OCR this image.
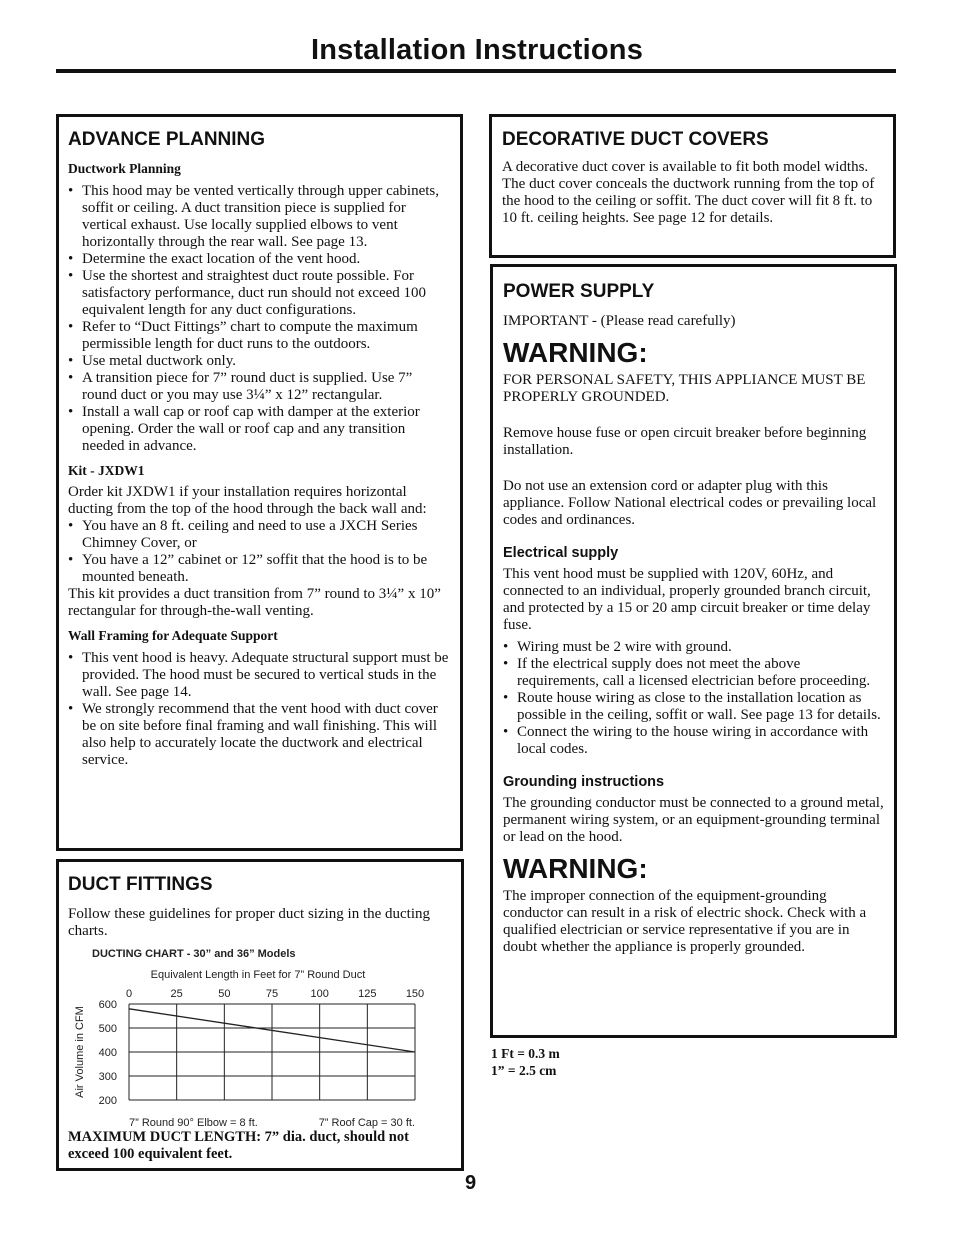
Installation Instructions
ADVANCE PLANNING
Ductwork Planning
• This hood may be vented vertically through upper cabinets, soffit or ceiling. A duct transition piece is supplied for vertical exhaust. Use locally supplied elbows to vent horizontally through the rear wall. See page 13.
• Determine the exact location of the vent hood.
• Use the shortest and straightest duct route possible. For satisfactory performance, duct run should not exceed 100 equivalent length for any duct configurations.
• Refer to “Duct Fittings” chart to compute the maximum permissible length for duct runs to the outdoors.
• Use metal ductwork only.
• A transition piece for 7” round duct is supplied. Use 7” round duct or you may use 3¼” x 12” rectangular.
• Install a wall cap or roof cap with damper at the exterior opening. Order the wall or roof cap and any transition needed in advance.
Kit - JXDW1

Order kit JXDW1 if your installation requires horizontal ducting from the top of the hood through the back wall and:

• You have an 8 ft. ceiling and need to use a JXCH Series Chimney Cover, or
• You have a 12” cabinet or 12” soffit that the hood is to be mounted beneath.

This kit provides a duct transition from 7” round to 3¼” x 10” rectangular for through-the-wall venting.

Wall Framing for Adequate Support
• This vent hood is heavy. Adequate structural support must be provided. The hood must be secured to vertical studs in the wall. See page 14.
• We strongly recommend that the vent hood with duct cover be on site before final framing and wall finishing. This will also help to accurately locate the ductwork and electrical service.
DUCT FITTINGS

Follow these guidelines for proper duct sizing in the ducting charts.

DUCTING CHART - 30” and 36” Models
Equivalent Length in Feet for 7” Round Duct
0	25	50	75	100	125	150
600
500
400
300
200
Air Volume in CFM
7” Round 90° Elbow = 8 ft.	7” Roof Cap = 30 ft.

MAXIMUM DUCT LENGTH: 7” dia. duct, should not exceed 100 equivalent feet.

DECORATIVE DUCT COVERS

A decorative duct cover is available to fit both model widths. The duct cover conceals the ductwork running from the top of the hood to the ceiling or soffit. The duct cover will fit 8 ft. to 10 ft. ceiling heights. See page 12 for details.

POWER SUPPLY

IMPORTANT - (Please read carefully)

WARNING:

FOR PERSONAL SAFETY, THIS APPLIANCE MUST BE PROPERLY GROUNDED.

Remove house fuse or open circuit breaker before beginning installation.

Do not use an extension cord or adapter plug with this appliance. Follow National electrical codes or prevailing local codes and ordinances.

Electrical supply

This vent hood must be supplied with 120V, 60Hz, and connected to an individual, properly grounded branch circuit, and protected by a 15 or 20 amp circuit breaker or time delay fuse.

• Wiring must be 2 wire with ground.
• If the electrical supply does not meet the above requirements, call a licensed electrician before proceeding.
• Route house wiring as close to the installation location as possible in the ceiling, soffit or wall. See page 13 for details.
• Connect the wiring to the house wiring in accordance with local codes.
Grounding instructions

The grounding conductor must be connected to a ground metal, permanent wiring system, or an equipment-grounding terminal or lead on the hood.

WARNING:

The improper connection of the equipment-grounding conductor can result in a risk of electric shock. Check with a qualified electrician or service representative if you are in doubt whether the appliance is properly grounded.

1 Ft = 0.3 m
1” = 2.5 cm
9
